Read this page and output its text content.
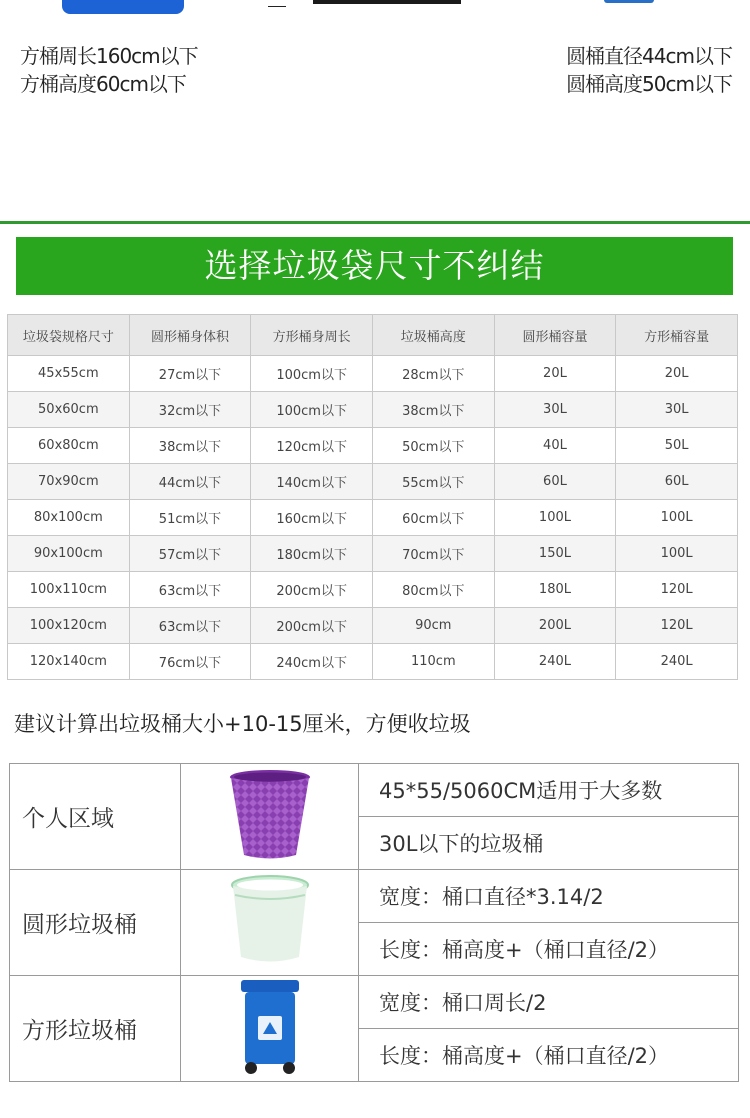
方桶周长160cm以下
方桶高度60cm以下
圆桶直径44cm以下
圆桶高度50cm以下
选择垃圾袋尺寸不纠结
垃圾袋规格尺寸	圆形桶身体积	方形桶身周长	垃圾桶高度	圆形桶容量	方形桶容量
45x55cm	27cm以下	100cm以下	28cm以下	20L	20L
50x60cm	32cm以下	100cm以下	38cm以下	30L	30L
60x80cm	38cm以下	120cm以下	50cm以下	40L	50L
70x90cm	44cm以下	140cm以下	55cm以下	60L	60L
80x100cm	51cm以下	160cm以下	60cm以下	100L	100L
90x100cm	57cm以下	180cm以下	70cm以下	150L	100L
100x110cm	63cm以下	200cm以下	80cm以下	180L	120L
100x120cm	63cm以下	200cm以下	90cm	200L	120L
120x140cm	76cm以下	240cm以下	110cm	240L	240L
建议计算出垃圾桶大小+10-15厘米，方便收垃圾
个人区域		45*55/5060CM适用于大多数
		30L以下的垃圾桶
圆形垃圾桶		宽度：桶口直径*3.14/2
		长度：桶高度+（桶口直径/2）
方形垃圾桶		宽度：桶口周长/2
		长度：桶高度+（桶口直径/2）
